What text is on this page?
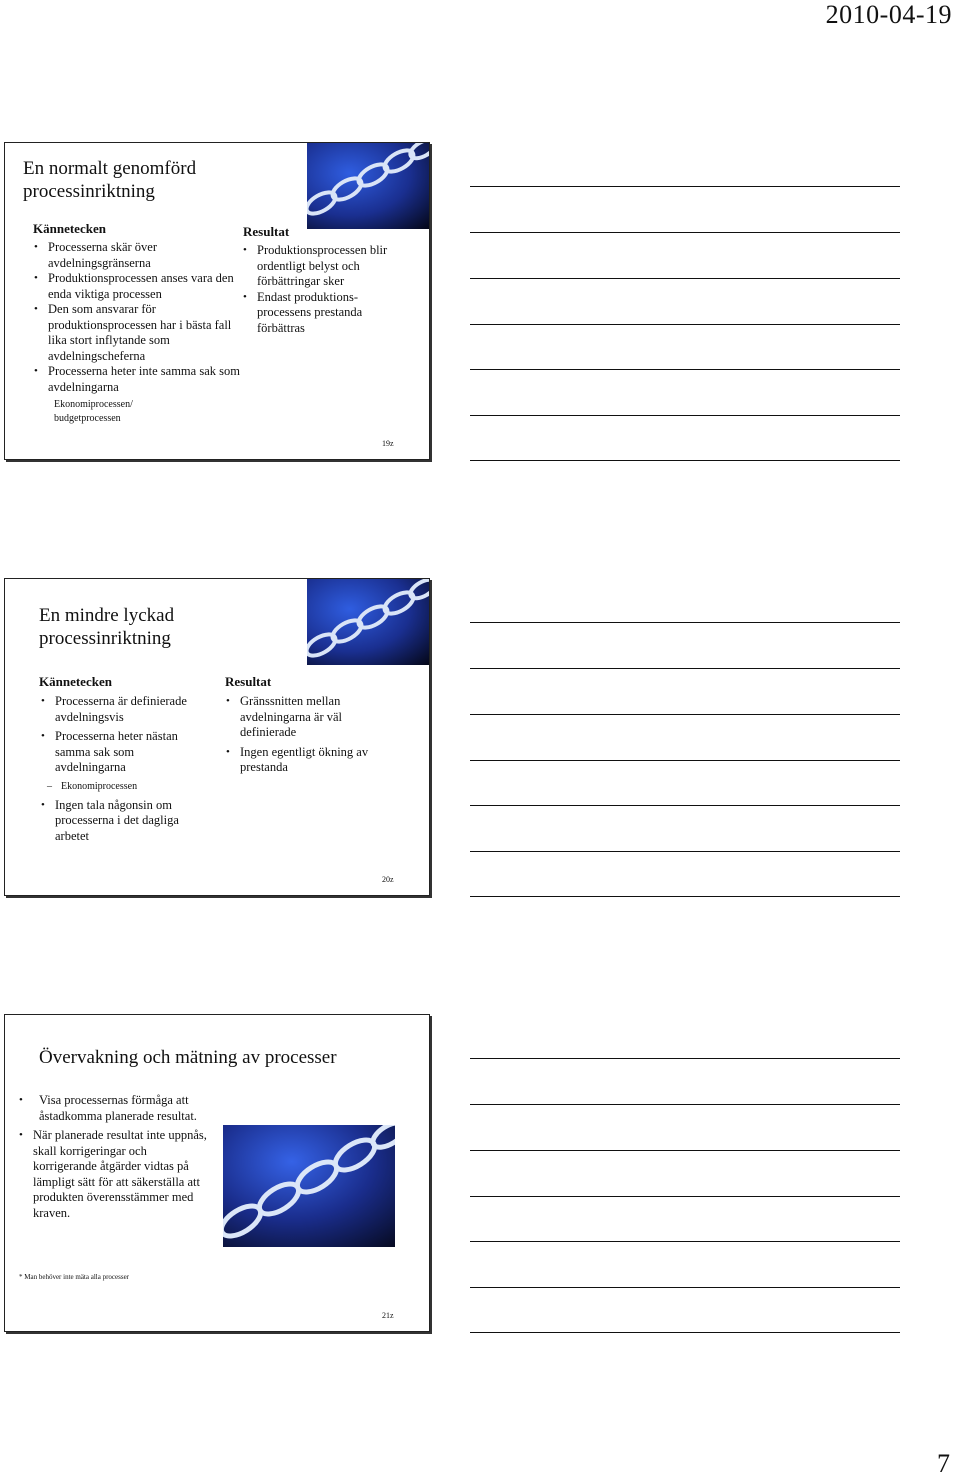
2010-04-19
En normalt genomförd processinriktning
Kännetecken
• Processerna skär över avdelningsgränserna
• Produktionsprocessen anses vara den enda viktiga processen
• Den som ansvarar för produktionsprocessen har i bästa fall lika stort inflytande som avdelningscheferna
• Processerna heter inte samma sak som avdelningarna
Ekonomiprocessen/ budgetprocessen
Resultat
• Produktionsprocessen blir ordentligt belyst och förbättringar sker
• Endast produktions-processens prestanda förbättras
19z
En mindre lyckad processinriktning
Kännetecken
• Processerna är definierade avdelningsvis
• Processerna heter nästan samma sak som avdelningarna
– Ekonomiprocessen
• Ingen tala någonsin om processerna i det dagliga arbetet
Resultat
• Gränssnitten mellan avdelningarna är väl definierade
• Ingen egentligt ökning av prestanda
20z
Övervakning och mätning av processer
• Visa processernas förmåga att åstadkomma planerade resultat.
• När planerade resultat inte uppnås, skall korrigeringar och korrigerande åtgärder vidtas på lämpligt sätt för att säkerställa att produkten överensstämmer med kraven.
* Man behöver inte mäta alla processer
21z
7
